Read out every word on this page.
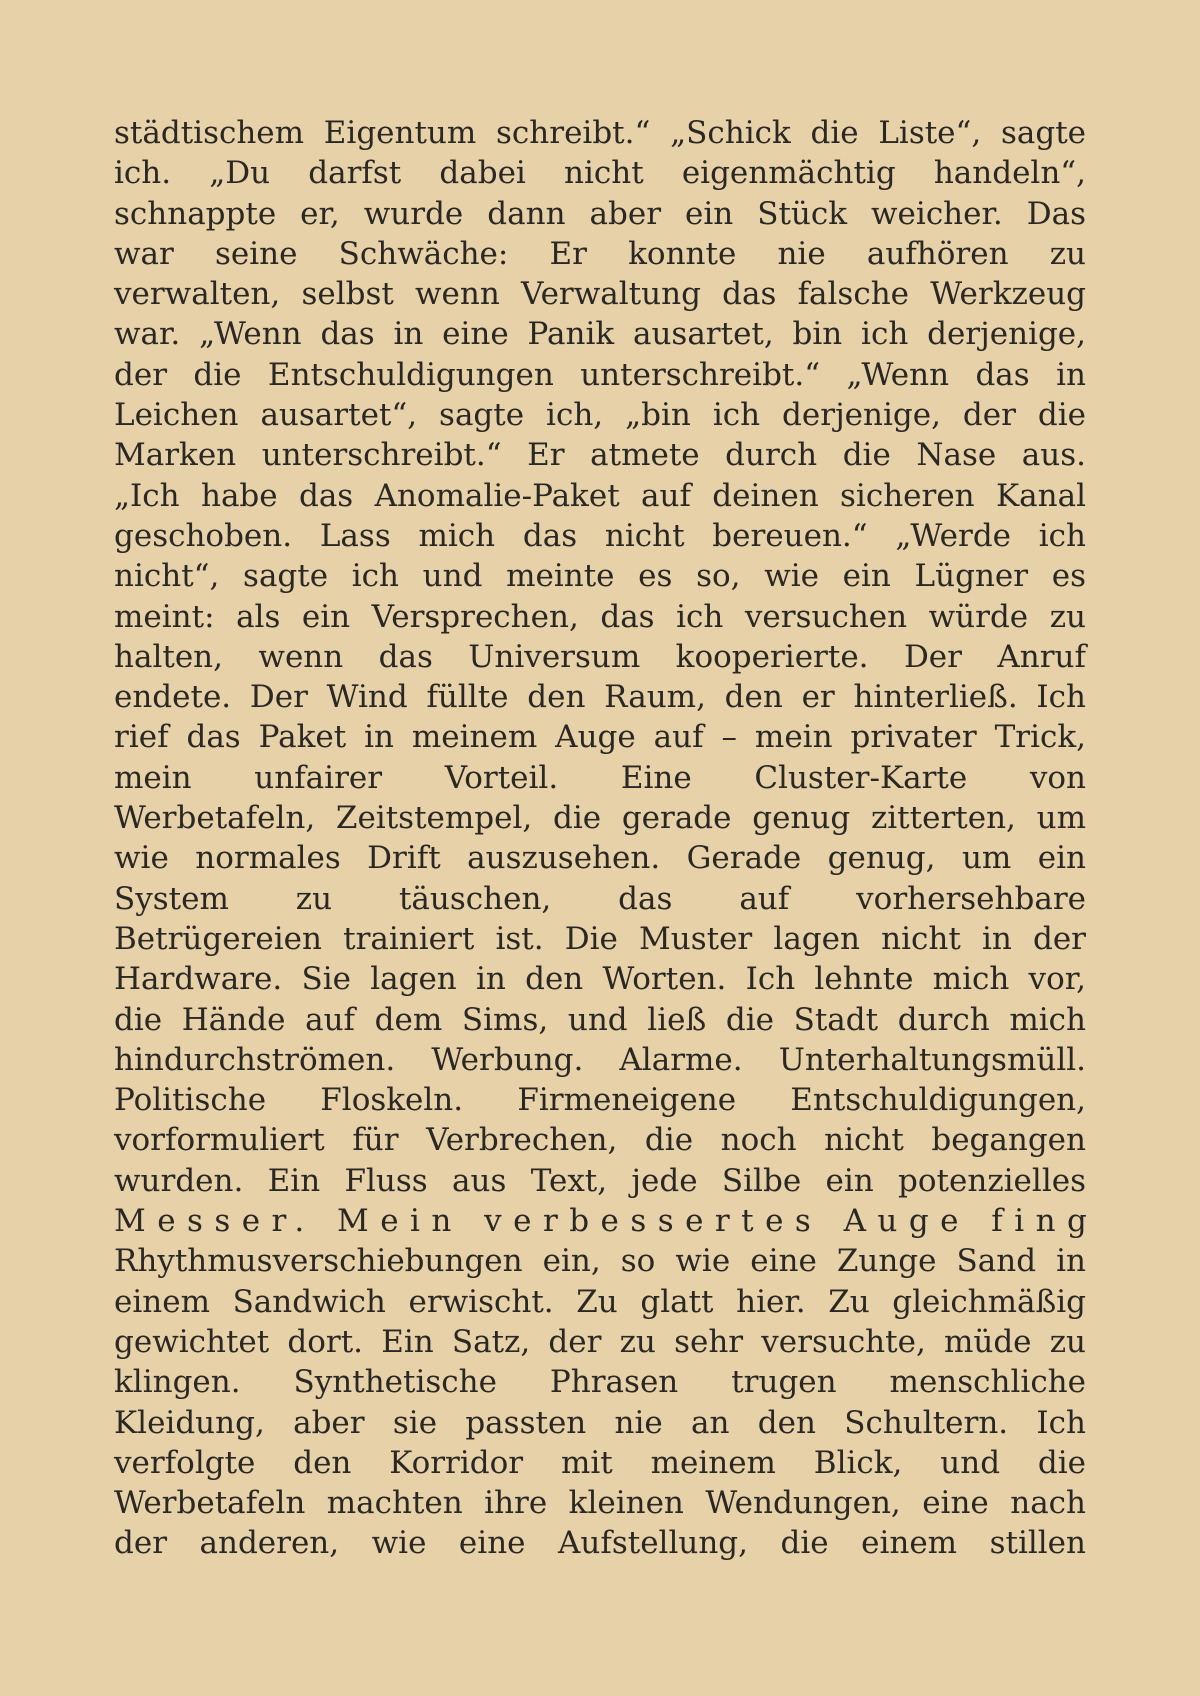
städtischem Eigentum schreibt.“ „Schick die Liste“, sagte
ich. „Du darfst dabei nicht eigenmächtig handeln“,
schnappte er, wurde dann aber ein Stück weicher. Das
war seine Schwäche: Er konnte nie aufhören zu
verwalten, selbst wenn Verwaltung das falsche Werkzeug
war. „Wenn das in eine Panik ausartet, bin ich derjenige,
der die Entschuldigungen unterschreibt.“ „Wenn das in
Leichen ausartet“, sagte ich, „bin ich derjenige, der die
Marken unterschreibt.“ Er atmete durch die Nase aus.
„Ich habe das Anomalie-Paket auf deinen sicheren Kanal
geschoben. Lass mich das nicht bereuen.“ „Werde ich
nicht“, sagte ich und meinte es so, wie ein Lügner es
meint: als ein Versprechen, das ich versuchen würde zu
halten, wenn das Universum kooperierte. Der Anruf
endete. Der Wind füllte den Raum, den er hinterließ. Ich
rief das Paket in meinem Auge auf – mein privater Trick,
mein unfairer Vorteil. Eine Cluster-Karte von
Werbetafeln, Zeitstempel, die gerade genug zitterten, um
wie normales Drift auszusehen. Gerade genug, um ein
System zu täuschen, das auf vorhersehbare
Betrügereien trainiert ist. Die Muster lagen nicht in der
Hardware. Sie lagen in den Worten. Ich lehnte mich vor,
die Hände auf dem Sims, und ließ die Stadt durch mich
hindurchströmen. Werbung. Alarme. Unterhaltungsmüll.
Politische Floskeln. Firmeneigene Entschuldigungen,
vorformuliert für Verbrechen, die noch nicht begangen
wurden. Ein Fluss aus Text, jede Silbe ein potenzielles
Messer. Mein verbessertes Auge fing
Rhythmusverschiebungen ein, so wie eine Zunge Sand in
einem Sandwich erwischt. Zu glatt hier. Zu gleichmäßig
gewichtet dort. Ein Satz, der zu sehr versuchte, müde zu
klingen. Synthetische Phrasen trugen menschliche
Kleidung, aber sie passten nie an den Schultern. Ich
verfolgte den Korridor mit meinem Blick, und die
Werbetafeln machten ihre kleinen Wendungen, eine nach
der anderen, wie eine Aufstellung, die einem stillen
